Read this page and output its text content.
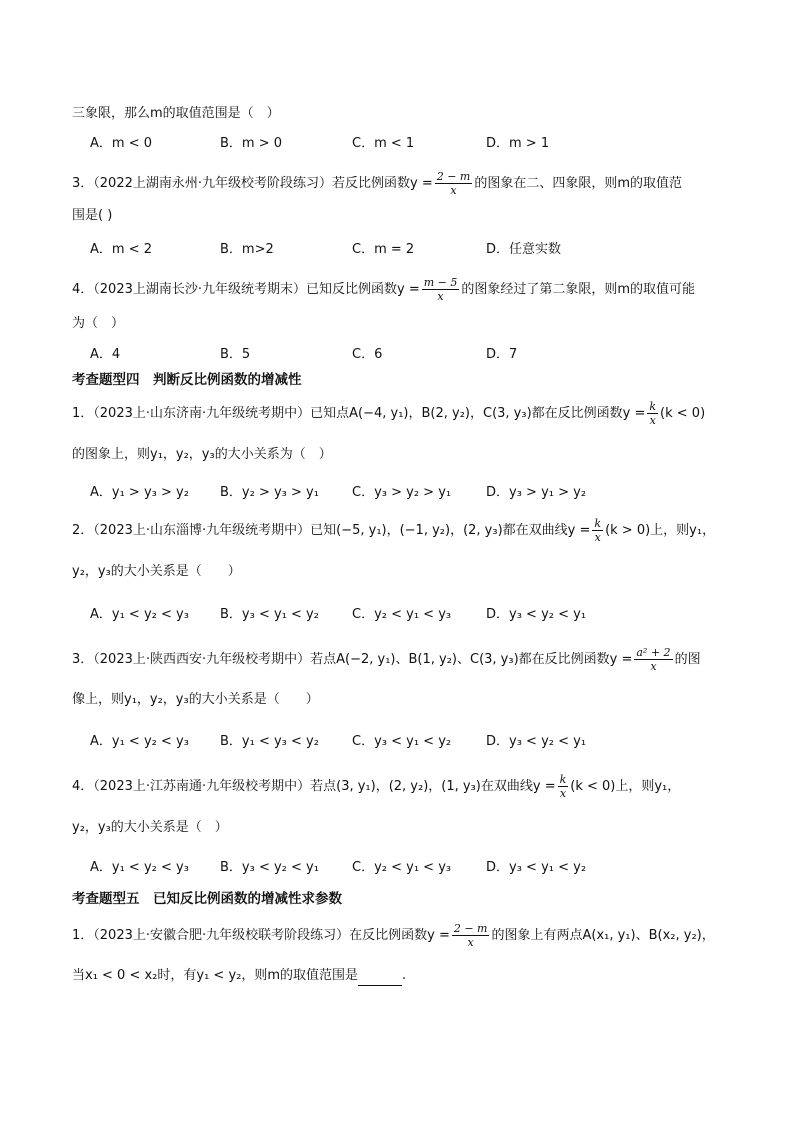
三象限，那么m的取值范围是（　）
A．m < 0	B．m > 0	C．m < 1	D．m > 1
3．（2022上湖南永州·九年级校考阶段练习）若反比例函数$y = \frac{2 - m}{x}$ 的图象在二、四象限，则m的取值范
围是( )
A．m < 2	B．m>2	C．m = 2	D．任意实数
4．（2023上湖南长沙·九年级统考期末）已知反比例函数$y = \frac{m - 5}{x}$ 的图象经过了第二象限，则m的取值可能
为（　）
A．4	B．5	C．6	D．7
考查题型四　判断反比例函数的增减性
1．（2023上·山东济南·九年级统考期中）已知点A(−4, y₁)，B(2, y₂)，C(3, y₃)都在反比例函数$y = \frac{k}{x} (k < 0)$
的图象上，则y₁，y₂，y₃的大小关系为（　）
A．y₁ > y₃ > y₂ B．y₂ > y₃ > y₁	C．y₃ > y₂ > y₁	D．y₃ > y₁ > y₂
2．（2023上·山东淄博·九年级统考期中）已知(−5, y₁)，(−1, y₂)，(2, y₃)都在双曲线$y = \frac{k}{x} (k > 0)$上，则y₁，
y₂，y₃的大小关系是（　　）
A．y₁ < y₂ < y₃ B．y₃ < y₁ < y₂	C．y₂ < y₁ < y₃	D．y₃ < y₂ < y₁
3．（2023上·陕西西安·九年级校考期中）若点A(−2, y₁)、B(1, y₂)、C(3, y₃)都在反比例函数$y = \frac{\text{a² + 2}}{x}$ 的图
像上，则y₁，y₂，y₃的大小关系是（　　）
A．y₁ < y₂ < y₃ B．y₁ < y₃ < y₂	C．y₃ < y₁ < y₂	D．y₃ < y₂ < y₁
4．（2023上·江苏南通·九年级校考期中）若点(3, y₁)，(2, y₂)，(1, y₃)在双曲线$y = \frac{k}{x} (k < 0)$上，则y₁，
y₂，y₃的大小关系是（　）
A．y₁ < y₂ < y₃ B．y₃ < y₂ < y₁	C．y₂ < y₁ < y₃	D．y₃ < y₁ < y₂
考查题型五　已知反比例函数的增减性求参数
1．（2023上·安徽合肥·九年级校联考阶段练习）在反比例函数$y = \frac{2 - m}{x}$ 的图象上有两点A(x₁, y₁)、B(x₂, y₂)，
当x₁ < 0 < x₂时，有y₁ < y₂，则m的取值范围是	.
